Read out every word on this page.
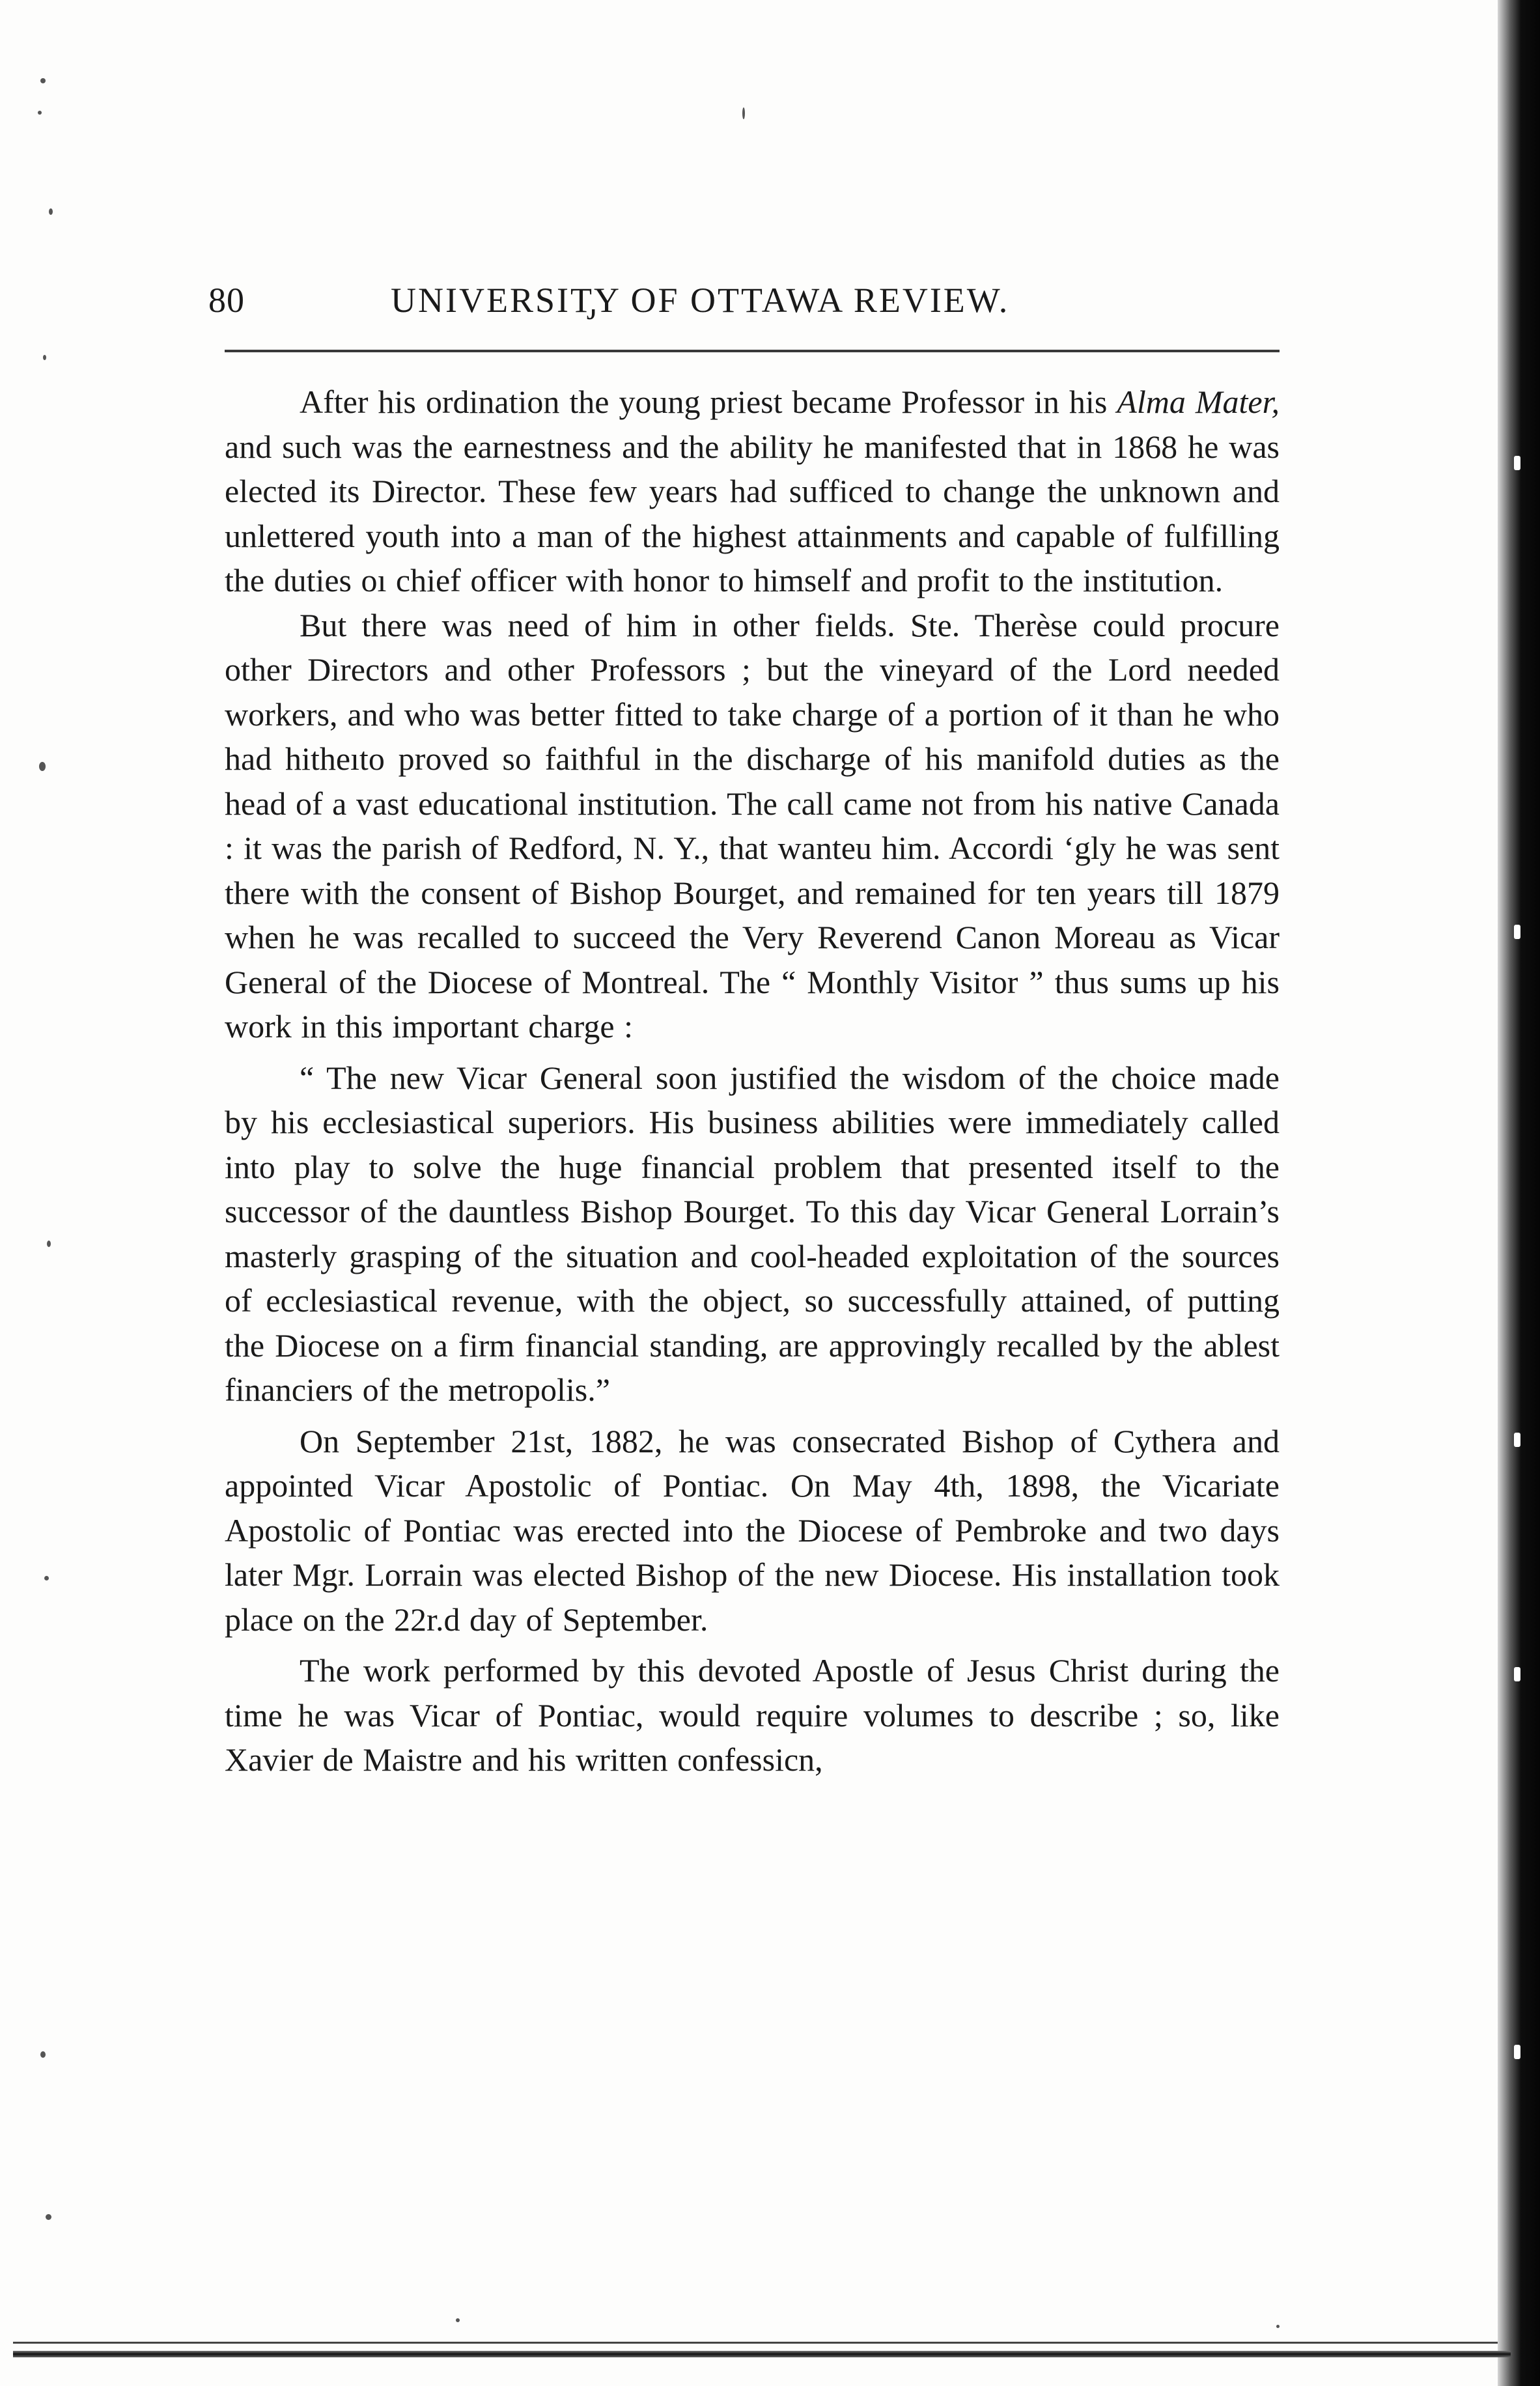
80	UNIVERSIT̡Y OF OTTAWA REVIEW.

After his ordination the young priest became Professor in his Alma Mater, and such was the earnestness and the ability he manifested that in 1868 he was elected its Director. These few years had sufficed to change the unknown and unlettered youth into a man of the highest attainments and capable of fulfilling the duties oı chief officer with honor to himself and profit to the institution.

But there was need of him in other fields. Ste. Therèse could procure other Directors and other Professors ; but the vineyard of the Lord needed workers, and who was better fitted to take charge of a portion of it than he who had hitheıto proved so faithful in the discharge of his manifold duties as the head of a vast educational institution. The call came not from his native Canada : it was the parish of Redford, N. Y., that wanteu him. Accordi ʻgly he was sent there with the consent of Bishop Bourget, and remained for ten years till 1879 when he was recalled to succeed the Very Reverend Canon Moreau as Vicar General of the Diocese of Montreal. The “ Monthly Visitor ” thus sums up his work in this important charge :

“ The new Vicar General soon justified the wisdom of the choice made by his ecclesiastical superiors. His business abilities were immediately called into play to solve the huge financial problem that presented itself to the successor of the dauntless Bishop Bourget. To this day Vicar General Lorrain’s masterly grasping of the situation and cool-headed exploitation of the sources of ecclesiastical revenue, with the object, so successfully attained, of putting the Diocese on a firm financial standing, are approvingly recalled by the ablest financiers of the metropolis.”

On September 21st, 1882, he was consecrated Bishop of Cythera and appointed Vicar Apostolic of Pontiac. On May 4th, 1898, the Vicariate Apostolic of Pontiac was erected into the Diocese of Pembroke and two days later Mgr. Lorrain was elected Bishop of the new Diocese. His installation took place on the 22r.d day of September.

The work performed by this devoted Apostle of Jesus Christ during the time he was Vicar of Pontiac, would require volumes to describe ; so, like Xavier de Maistre and his written confessicn,
